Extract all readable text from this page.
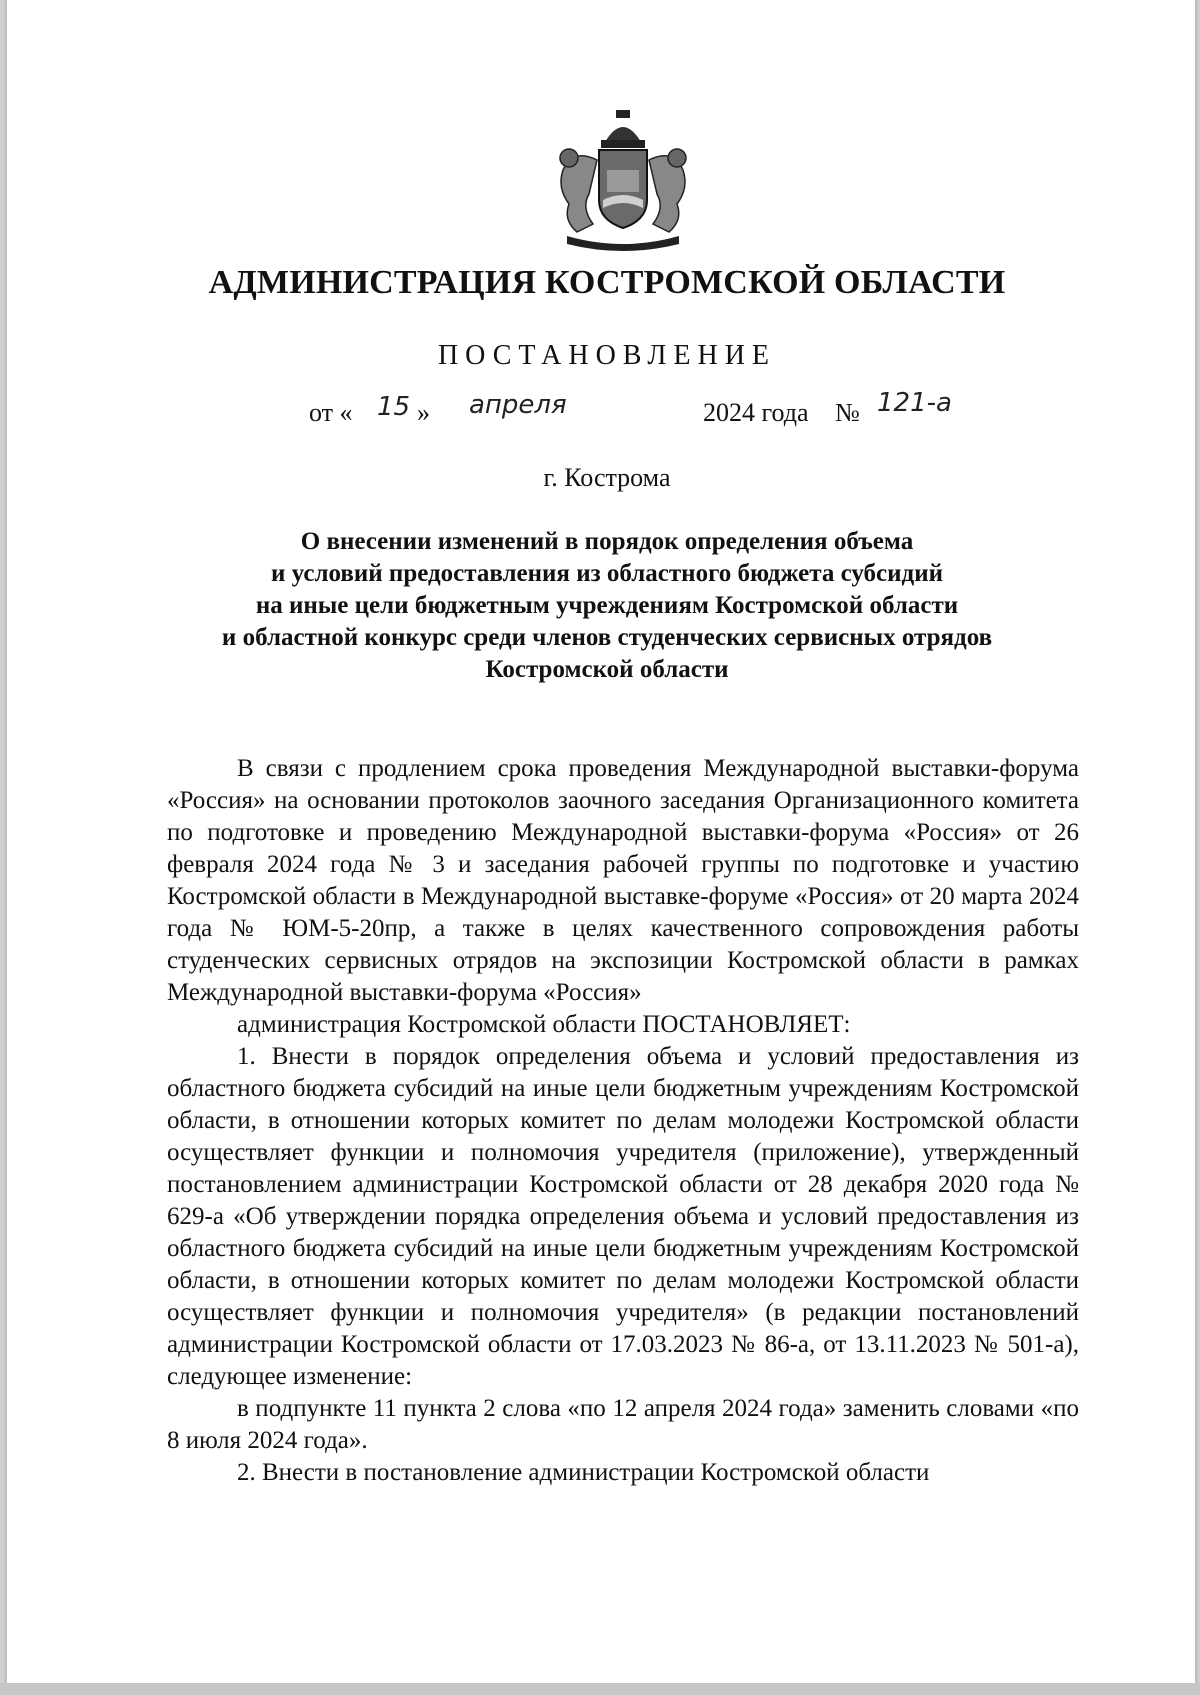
АДМИНИСТРАЦИЯ КОСТРОМСКОЙ ОБЛАСТИ
ПОСТАНОВЛЕНИЕ
от « 15 » апреля	2024 года № 121-а
г. Кострома
О внесении изменений в порядок определения объема
и условий предоставления из областного бюджета субсидий
на иные цели бюджетным учреждениям Костромской области
и областной конкурс среди членов студенческих сервисных отрядов
Костромской области

В связи с продлением срока проведения Международной выставки-форума «Россия» на основании протоколов заочного заседания Организационного комитета по подготовке и проведению Международной выставки-форума «Россия» от 26 февраля 2024 года № 3 и заседания рабочей группы по подготовке и участию Костромской области в Международной выставке-форуме «Россия» от 20 марта 2024 года № ЮМ-5-20пр, а также в целях качественного сопровождения работы студенческих сервисных отрядов на экспозиции Костромской области в рамках Международной выставки-форума «Россия»

администрация Костромской области ПОСТАНОВЛЯЕТ:

1. Внести в порядок определения объема и условий предоставления из областного бюджета субсидий на иные цели бюджетным учреждениям Костромской области, в отношении которых комитет по делам молодежи Костромской области осуществляет функции и полномочия учредителя (приложение), утвержденный постановлением администрации Костромской области от 28 декабря 2020 года № 629-а «Об утверждении порядка определения объема и условий предоставления из областного бюджета субсидий на иные цели бюджетным учреждениям Костромской области, в отношении которых комитет по делам молодежи Костромской области осуществляет функции и полномочия учредителя» (в редакции постановлений администрации Костромской области от 17.03.2023 № 86-а, от 13.11.2023 № 501-а), следующее изменение:

в подпункте 11 пункта 2 слова «по 12 апреля 2024 года» заменить словами «по 8 июля 2024 года».

2. Внести в постановление администрации Костромской области
